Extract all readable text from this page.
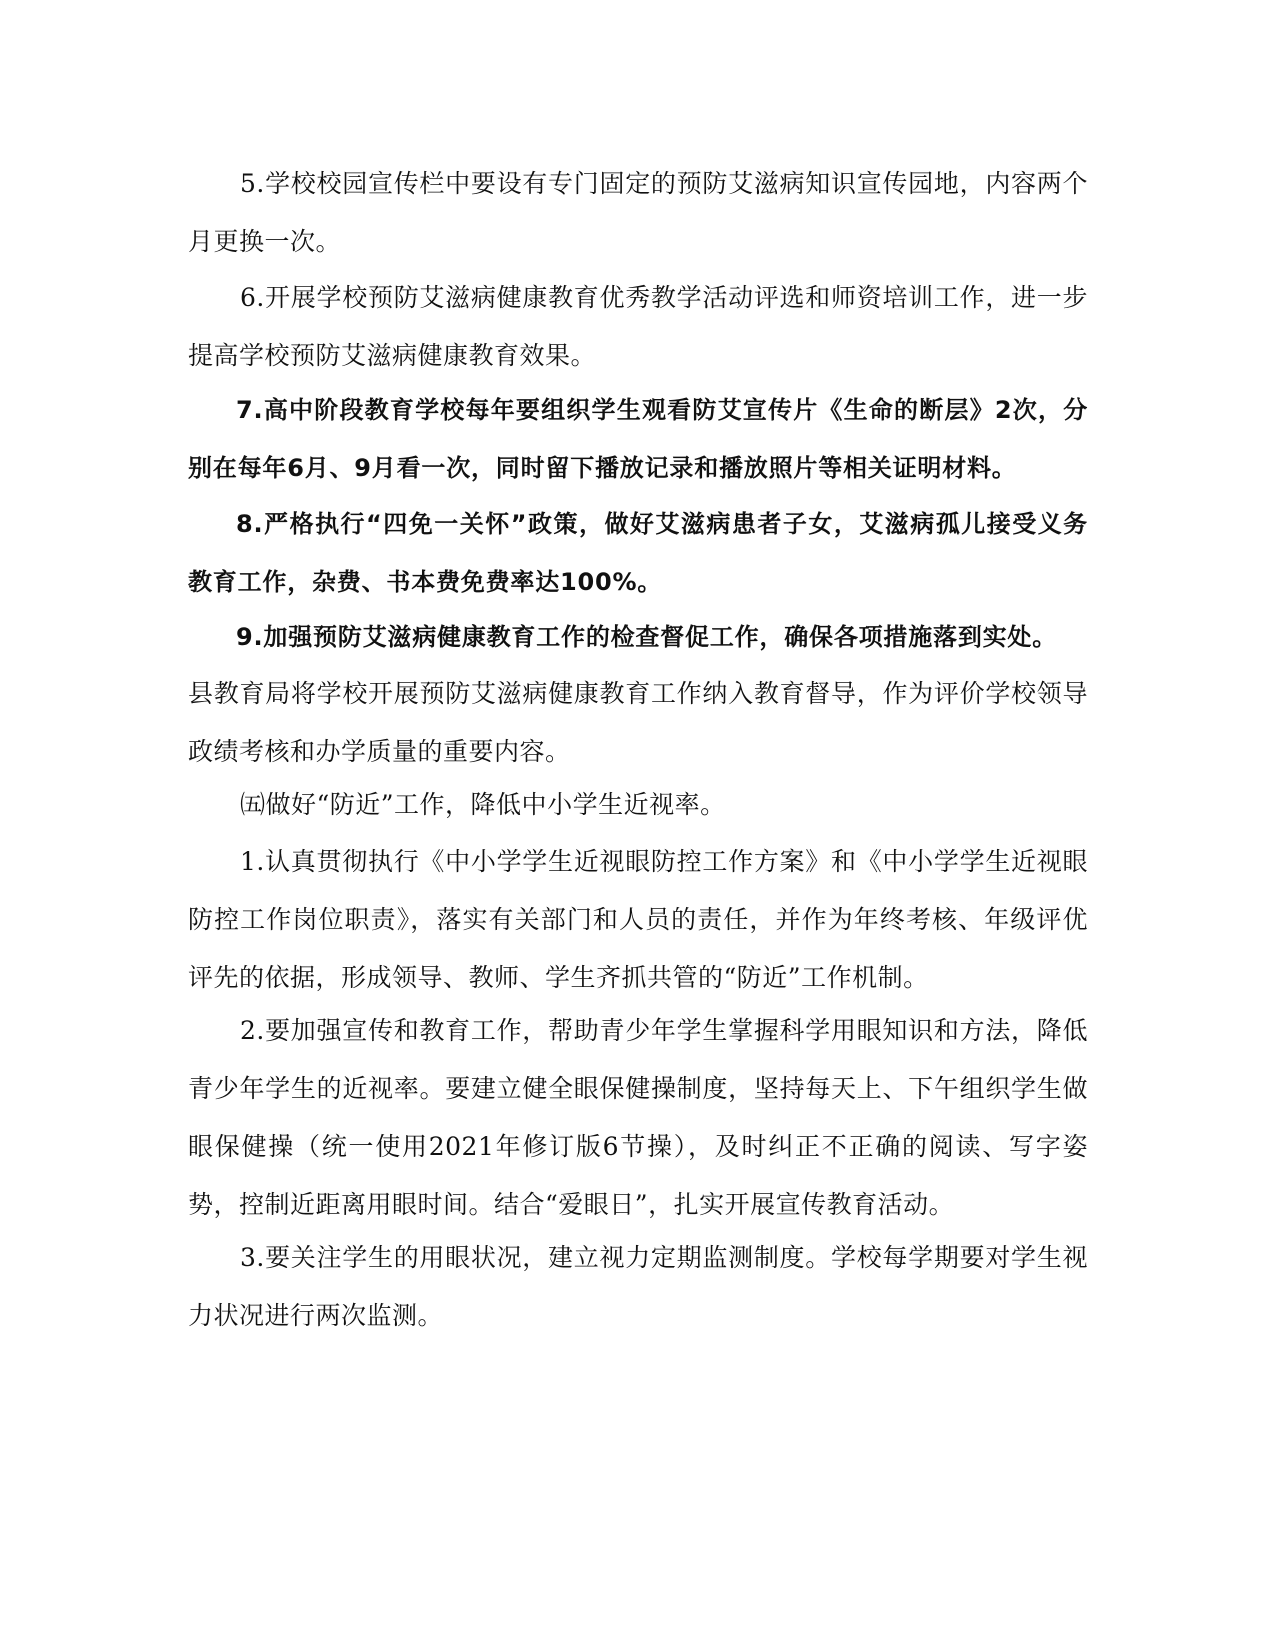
5.学校校园宣传栏中要设有专门固定的预防艾滋病知识宣传园地，内容两个月更换一次。

6.开展学校预防艾滋病健康教育优秀教学活动评选和师资培训工作，进一步提高学校预防艾滋病健康教育效果。

7.高中阶段教育学校每年要组织学生观看防艾宣传片《生命的断层》2次，分别在每年6月、9月看一次，同时留下播放记录和播放照片等相关证明材料。

8.严格执行“四免一关怀”政策，做好艾滋病患者子女，艾滋病孤儿接受义务教育工作，杂费、书本费免费率达100%。

9.加强预防艾滋病健康教育工作的检查督促工作，确保各项措施落到实处。

县教育局将学校开展预防艾滋病健康教育工作纳入教育督导，作为评价学校领导政绩考核和办学质量的重要内容。

㈤做好“防近”工作，降低中小学生近视率。

1.认真贯彻执行《中小学学生近视眼防控工作方案》和《中小学学生近视眼防控工作岗位职责》，落实有关部门和人员的责任，并作为年终考核、年级评优评先的依据，形成领导、教师、学生齐抓共管的“防近”工作机制。

2.要加强宣传和教育工作，帮助青少年学生掌握科学用眼知识和方法，降低青少年学生的近视率。要建立健全眼保健操制度，坚持每天上、下午组织学生做眼保健操（统一使用2021年修订版6节操），及时纠正不正确的阅读、写字姿势，控制近距离用眼时间。结合“爱眼日”，扎实开展宣传教育活动。

3.要关注学生的用眼状况，建立视力定期监测制度。学校每学期要对学生视力状况进行两次监测。
